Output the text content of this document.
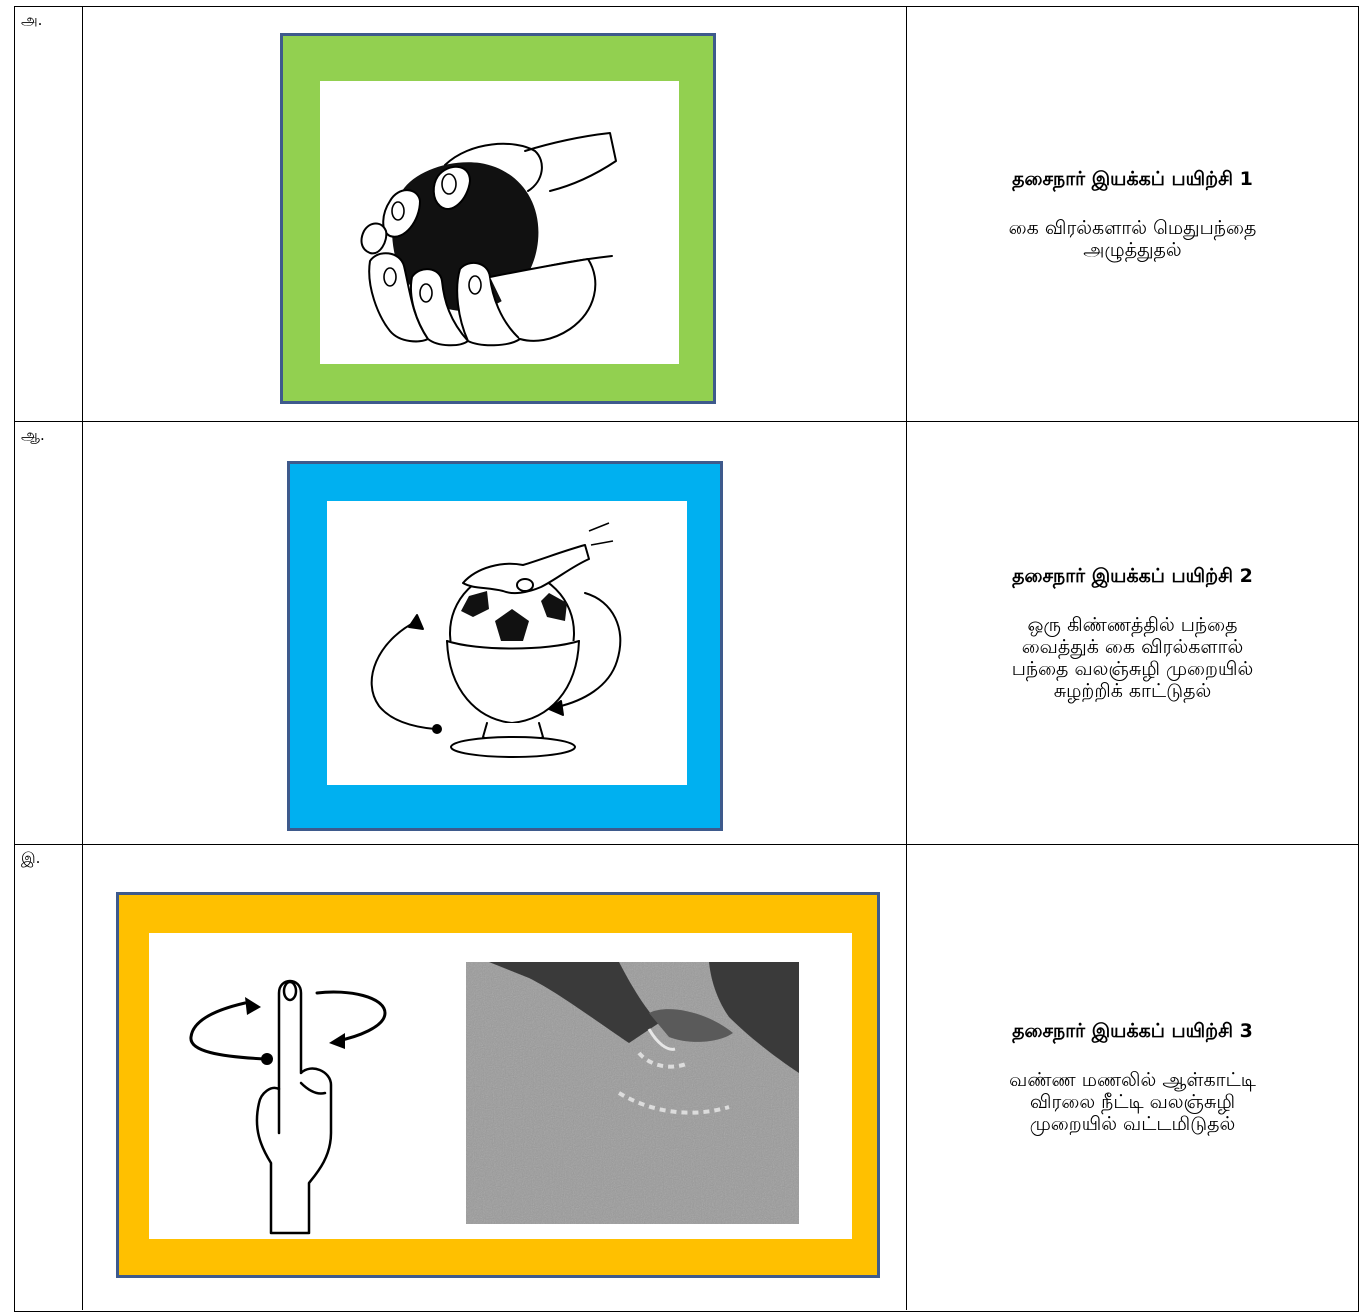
அ.
தசைநார் இயக்கப் பயிற்சி 1
கை விரல்களால் மெதுபந்தை
அழுத்துதல்
ஆ.
தசைநார் இயக்கப் பயிற்சி 2
ஒரு கிண்ணத்தில் பந்தை
வைத்துக் கை விரல்களால்
பந்தை வலஞ்சுழி முறையில்
சுழற்றிக் காட்டுதல்
இ.
தசைநார் இயக்கப் பயிற்சி 3
வண்ண மணலில் ஆள்காட்டி
விரலை நீட்டி வலஞ்சுழி
முறையில் வட்டமிடுதல்
